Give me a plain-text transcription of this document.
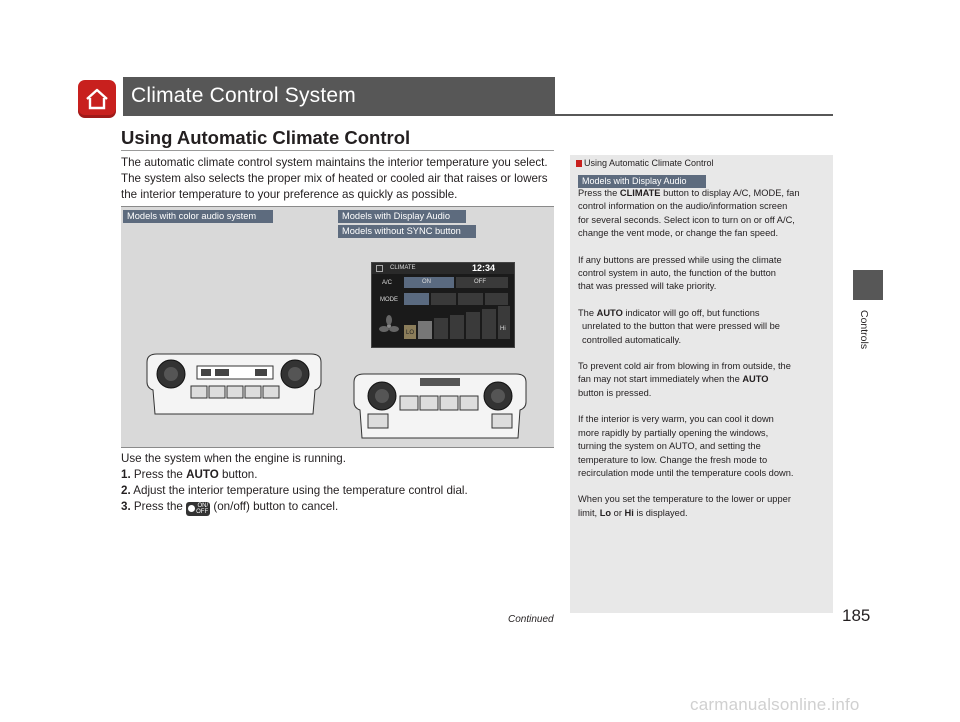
Climate Control System
Using Automatic Climate Control
The automatic climate control system maintains the interior temperature you select.
The system also selects the proper mix of heated or cooled air that raises or lowers
the interior temperature to your preference as quickly as possible.
Models with color audio system	Models with Display Audio
Models without SYNC button
CLIMATE	12:34
A/C	ON	OFF
MODE
LO
Hi
Use the system when the engine is running.
1. Press the AUTO button.
2. Adjust the interior temperature using the temperature control dial.
3. Press the	ON/
OFF (on/off) button to cancel.
Using Automatic Climate Control
Models with Display Audio
Press the CLIMATE button to display A/C, MODE, fan
control information on the audio/information screen
for several seconds. Select icon to turn on or off A/C,
change the vent mode, or change the fan speed.
If any buttons are pressed while using the climate
control system in auto, the function of the button
that was pressed will take priority.
The AUTO indicator will go off, but functions
unrelated to the button that were pressed will be
controlled automatically.
To prevent cold air from blowing in from outside, the
fan may not start immediately when the AUTO
button is pressed.
If the interior is very warm, you can cool it down
more rapidly by partially opening the windows,
turning the system on AUTO, and setting the
temperature to low. Change the fresh mode to
recirculation mode until the temperature cools down.
When you set the temperature to the lower or upper
limit, Lo or Hi is displayed.
Controls
Continued	185
carmanualsonline.info
